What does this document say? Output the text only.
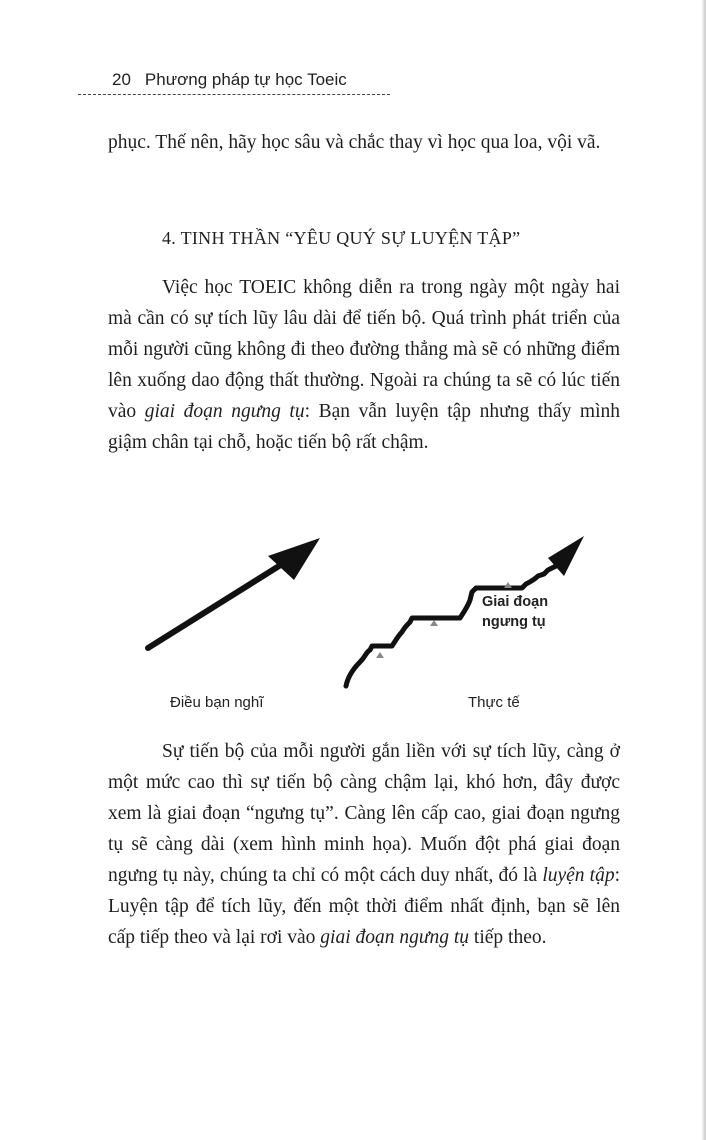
20 Phương pháp tự học Toeic

phục. Thế nên, hãy học sâu và chắc thay vì học qua loa, vội vã.

4. TINH THẦN “YÊU QUÝ SỰ LUYỆN TẬP”

Việc học TOEIC không diễn ra trong ngày một ngày hai mà cần có sự tích lũy lâu dài để tiến bộ. Quá trình phát triển của mỗi người cũng không đi theo đường thẳng mà sẽ có những điểm lên xuống dao động thất thường. Ngoài ra chúng ta sẽ có lúc tiến vào giai đoạn ngưng tụ: Bạn vẫn luyện tập nhưng thấy mình giậm chân tại chỗ, hoặc tiến bộ rất chậm.

Giai đoạn
ngưng tụ
Điều bạn nghĩ	Thực tế

Sự tiến bộ của mỗi người gắn liền với sự tích lũy, càng ở một mức cao thì sự tiến bộ càng chậm lại, khó hơn, đây được xem là giai đoạn “ngưng tụ”. Càng lên cấp cao, giai đoạn ngưng tụ sẽ càng dài (xem hình minh họa). Muốn đột phá giai đoạn ngưng tụ này, chúng ta chỉ có một cách duy nhất, đó là luyện tập: Luyện tập để tích lũy, đến một thời điểm nhất định, bạn sẽ lên cấp tiếp theo và lại rơi vào giai đoạn ngưng tụ tiếp theo.
